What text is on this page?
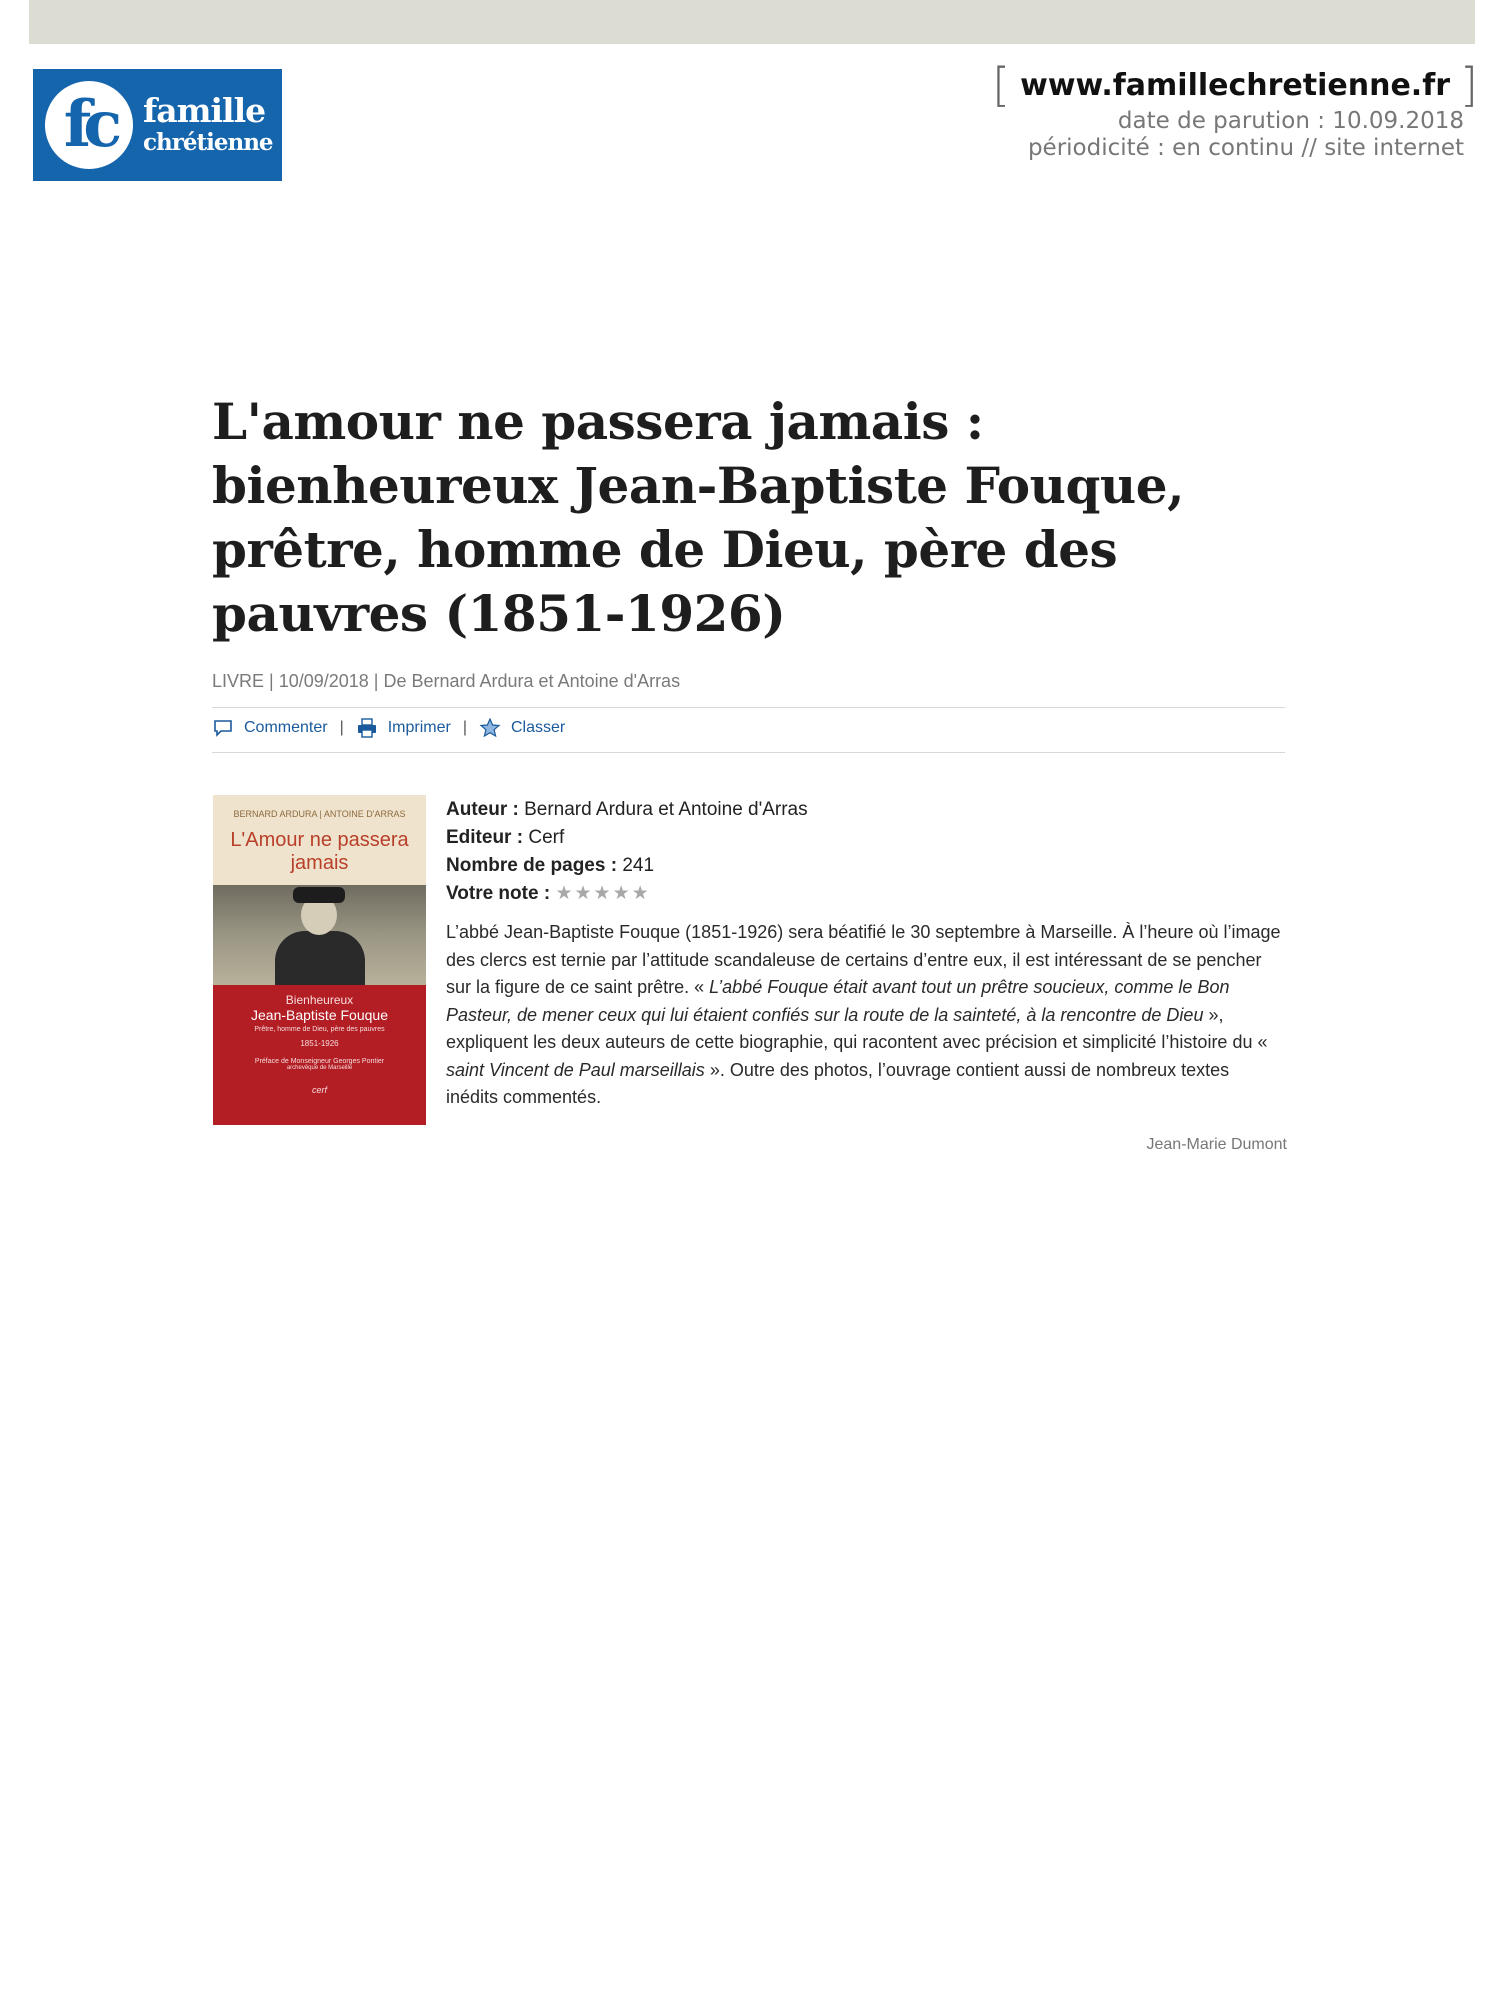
fc famille
chrétienne
[ www.famillechretienne.fr ]
date de parution : 10.09.2018
périodicité : en continu // site internet
L'amour ne passera jamais : bienheureux Jean-Baptiste Fouque, prêtre, homme de Dieu, père des pauvres (1851-1926)
LIVRE | 10/09/2018 | De Bernard Ardura et Antoine d'Arras
Commenter |	Imprimer |	Classer
BERNARD ARDURA | ANTOINE D'ARRAS
L'Amour ne passera jamais
Bienheureux
Jean-Baptiste Fouque
Prêtre, homme de Dieu, père des pauvres
1851-1926
Préface de Monseigneur Georges Pontier
archevêque de Marseille
cerf
Auteur : Bernard Ardura et Antoine d'Arras
Editeur : Cerf
Nombre de pages : 241
Votre note : ★ ★ ★ ★ ★

L’abbé Jean-Baptiste Fouque (1851-1926) sera béatifié le 30 septembre à Marseille. À l’heure où l’image des clercs est ternie par l’attitude scandaleuse de certains d’entre eux, il est intéressant de se pencher sur la figure de ce saint prêtre. « L’abbé Fouque était avant tout un prêtre soucieux, comme le Bon Pasteur, de mener ceux qui lui étaient confiés sur la route de la sainteté, à la rencontre de Dieu », expliquent les deux auteurs de cette biographie, qui racontent avec précision et simplicité l’histoire du « saint Vincent de Paul marseillais ». Outre des photos, l’ouvrage contient aussi de nombreux textes inédits commentés.

Jean-Marie Dumont
